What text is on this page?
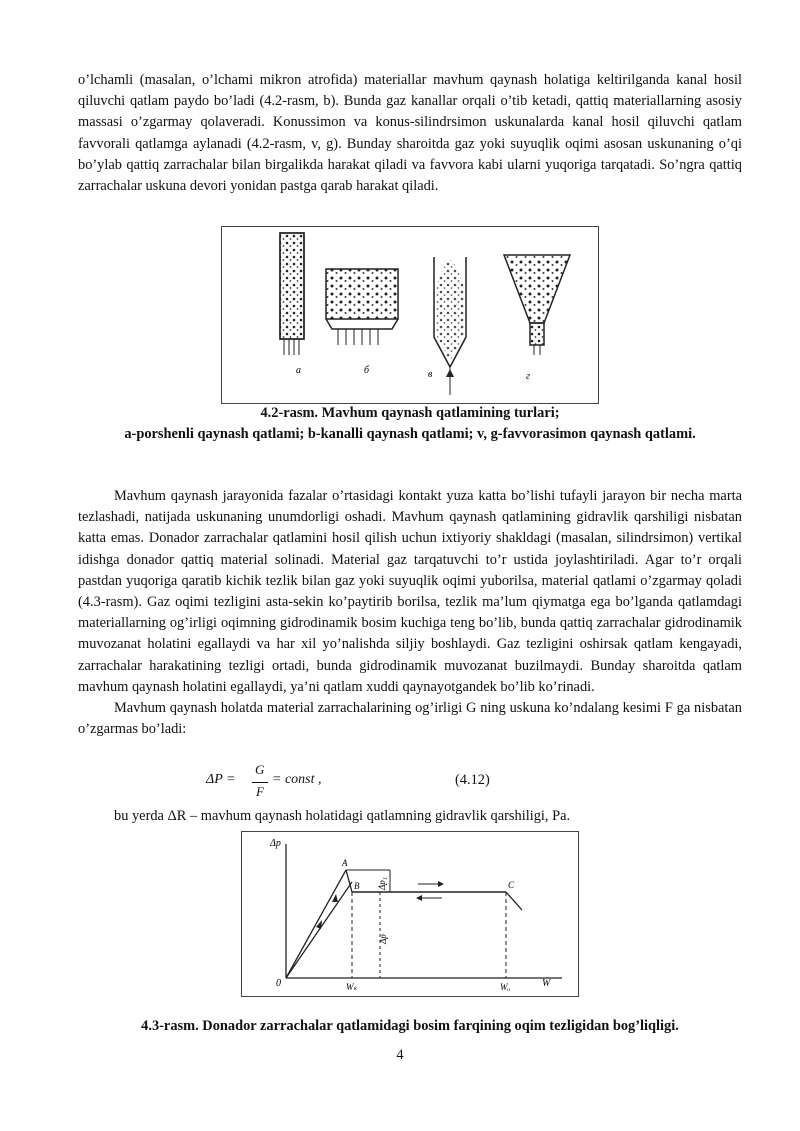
o’lchamli (masalan, o’lchami mikron atrofida) materiallar mavhum qaynash holatiga keltirilganda kanal hosil qiluvchi qatlam paydo bo’ladi (4.2-rasm, b). Bunda gaz kanallar orqali o’tib ketadi, qattiq materiallarning asosiy massasi o’zgarmay qolaveradi. Konussimon va konus-silindrsimon uskunalarda kanal hosil qiluvchi qatlam favvorali qatlamga aylanadi (4.2-rasm, v, g). Bunday sharoitda gaz yoki suyuqlik oqimi asosan uskunaning o’qi bo’ylab qattiq zarrachalar bilan birgalikda harakat qiladi va favvora kabi ularni yuqoriga tarqatadi. So’ngra qattiq zarrachalar uskuna devori yonidan pastga qarab harakat qiladi.

a	б	в	г
4.2-rasm. Mavhum qaynash qatlamining turlari;
a-porshenli qaynash qatlami; b-kanalli qaynash qatlami; v, g-favvorasimon qaynash qatlami.

Mavhum qaynash jarayonida fazalar o’rtasidagi kontakt yuza katta bo’lishi tufayli jarayon bir necha marta tezlashadi, natijada uskunaning unumdorligi oshadi. Mavhum qaynash qatlamining gidravlik qarshiligi nisbatan katta emas. Donador zarrachalar qatlamini hosil qilish uchun ixtiyoriy shakldagi (masalan, silindrsimon) vertikal idishga donador qattiq material solinadi. Material gaz tarqatuvchi to’r ustida joylashtiriladi. Agar to’r orqali pastdan yuqoriga qaratib kichik tezlik bilan gaz yoki suyuqlik oqimi yuborilsa, material qatlami o’zgarmay qoladi (4.3-rasm). Gaz oqimi tezligini asta-sekin ko’paytirib borilsa, tezlik ma’lum qiymatga ega bo’lganda qatlamdagi materiallarning og’irligi oqimning gidrodinamik bosim kuchiga teng bo’lib, bunda qattiq zarrachalar gidrodinamik muvozanat holatini egallaydi va har xil yo’nalishda siljiy boshlaydi. Gaz tezligini oshirsak qatlam kengayadi, zarrachalar harakatining tezligi ortadi, bunda gidrodinamik muvozanat buzilmaydi. Bunday sharoitda qatlam mavhum qaynash holatini egallaydi, ya’ni qatlam xuddi qaynayotgandek bo’lib ko’rinadi.

Mavhum qaynash holatda material zarrachalarining og’irligi G ning uskuna ko’ndalang kesimi F ga nisbatan o’zgarmas bo’ladi:

ΔP =
G
F
= const ,	(4.12)

bu yerda ΔR – mavhum qaynash holatidagi qatlamning gidravlik qarshiligi, Pa.

Δp
0
A
B	C
Δp₁
Δp
Wₖ	Wᵤ	W
4.3-rasm. Donador zarrachalar qatlamidagi bosim farqining oqim tezligidan bog’liqligi.
4
